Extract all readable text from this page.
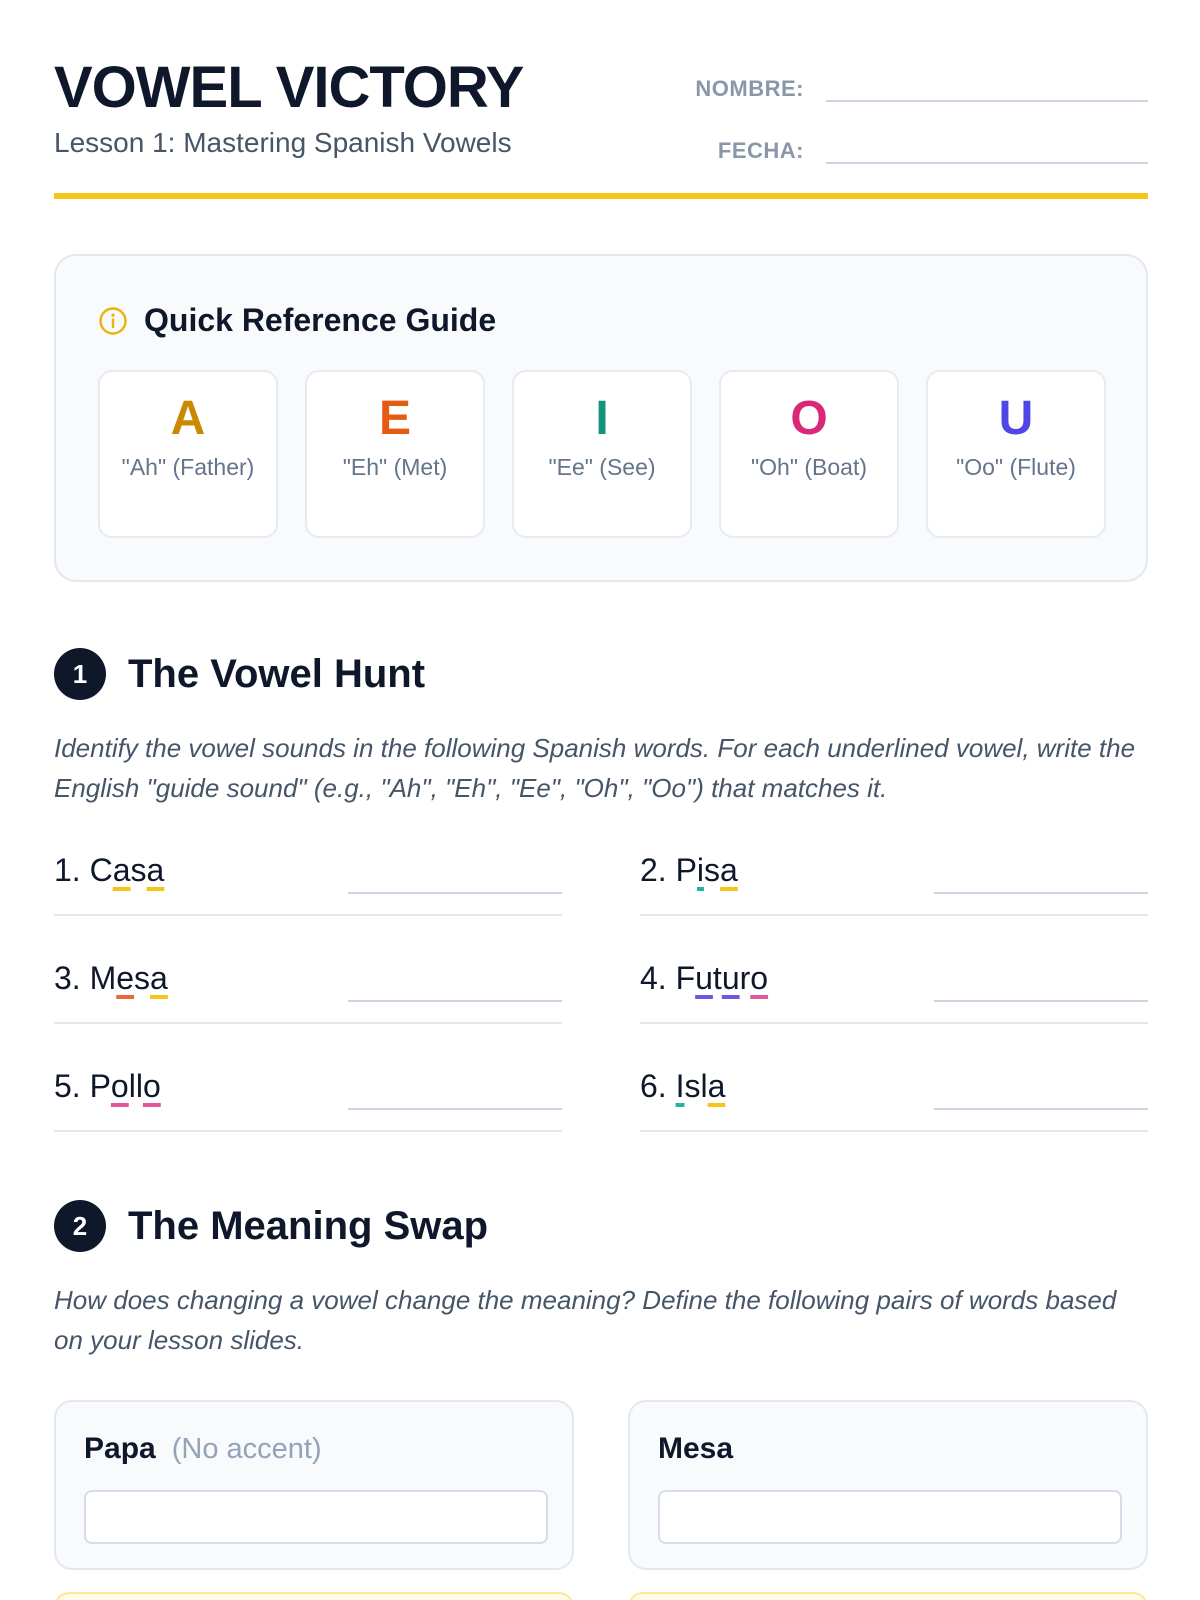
VOWEL VICTORY
Lesson 1: Mastering Spanish Vowels
NOMBRE:
FECHA:
Quick Reference Guide
A
"Ah" (Father)
E
"Eh" (Met)
I
"Ee" (See)
O
"Oh" (Boat)
U
"Oo" (Flute)
1	The Vowel Hunt
Identify the vowel sounds in the following Spanish words. For each underlined vowel, write the English "guide sound" (e.g., "Ah", "Eh", "Ee", "Oh", "Oo") that matches it.
1. Casa	2. Pisa
3. Mesa	4. Futuro
5. Pollo	6. Isla
2	The Meaning Swap
How does changing a vowel change the meaning? Define the following pairs of words based on your lesson slides.
Papa (No accent)	Mesa
